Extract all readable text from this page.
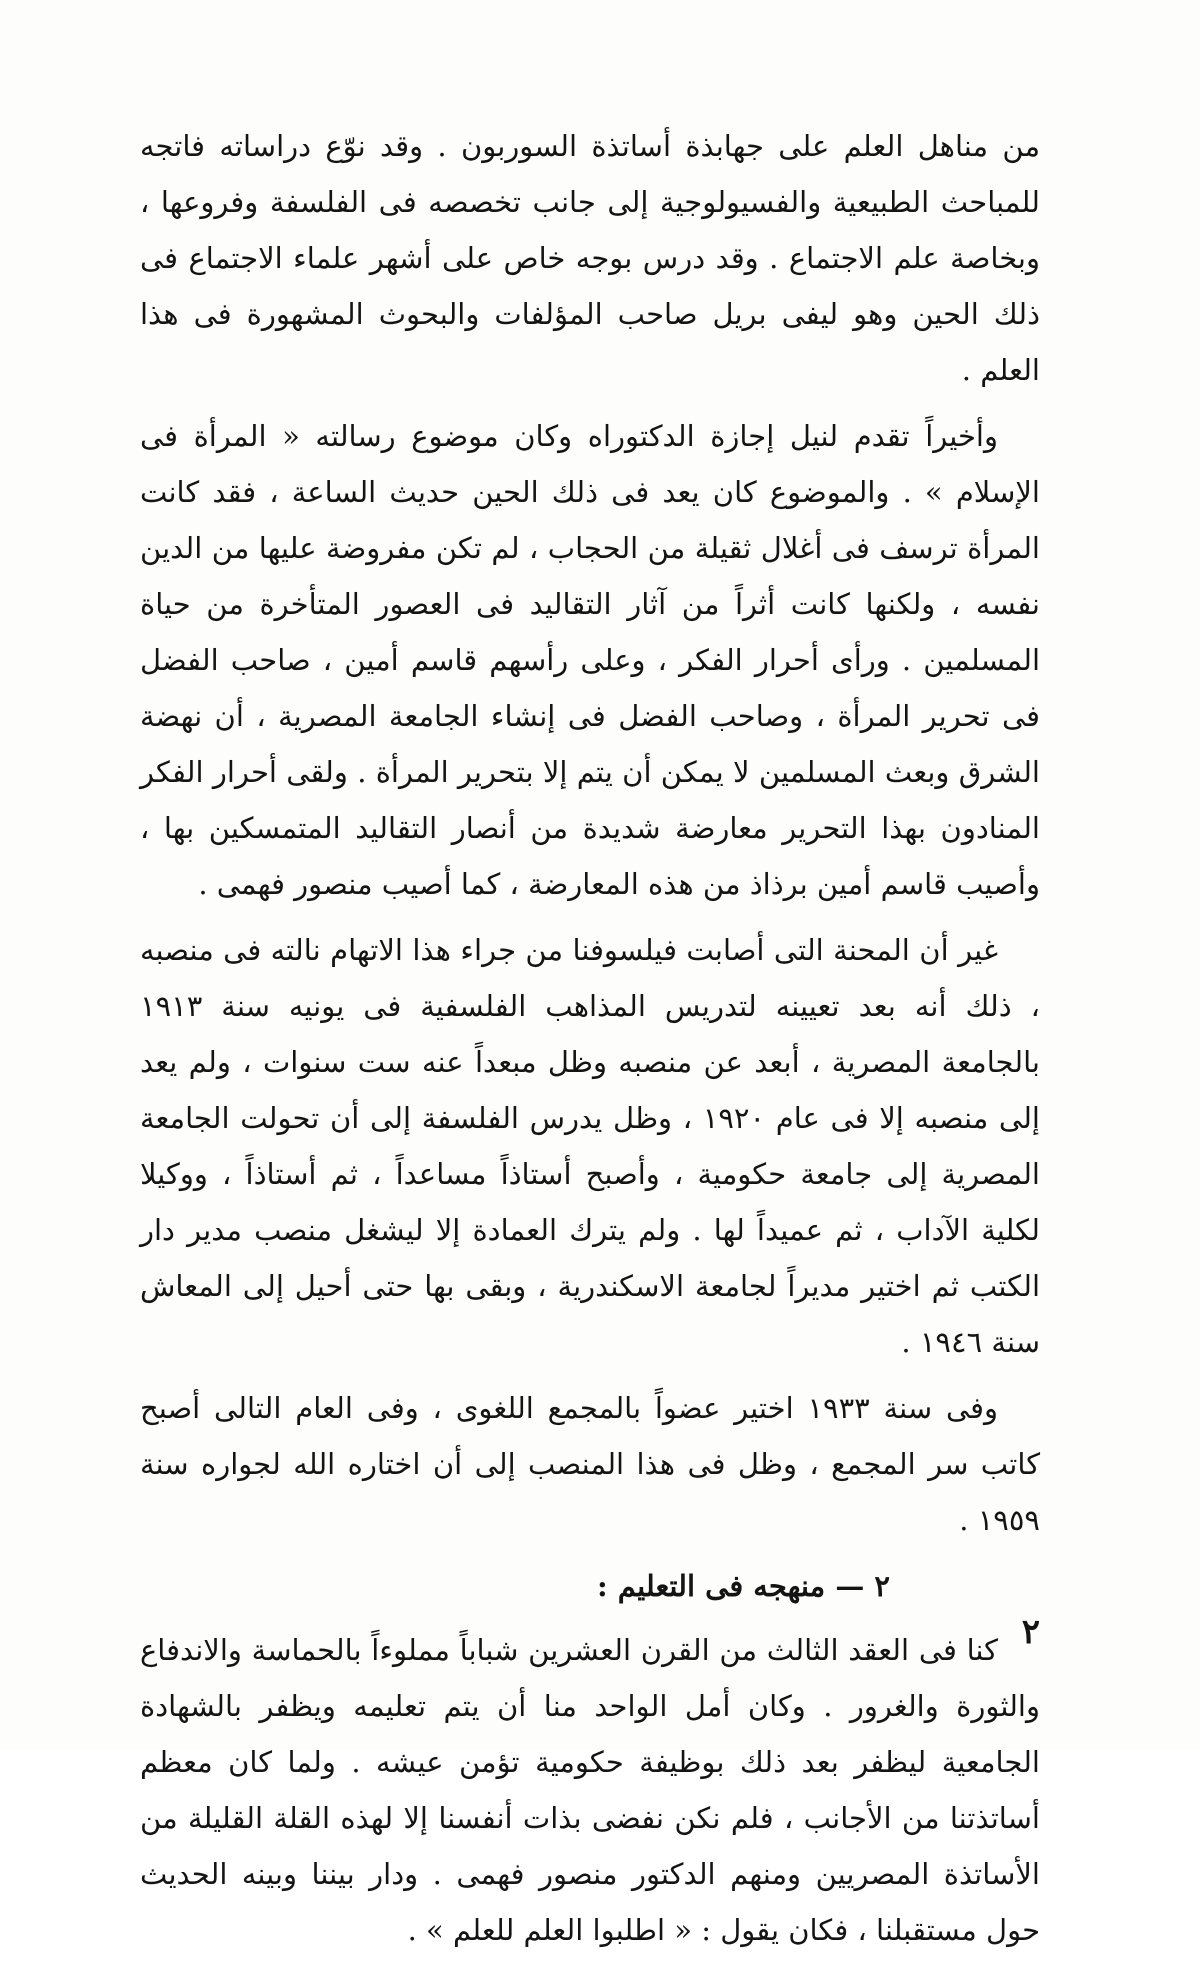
من مناهل العلم على جهابذة أساتذة السوربون . وقد نوّع دراساته فاتجه للمباحث الطبيعية والفسيولوجية إلى جانب تخصصه فى الفلسفة وفروعها ، وبخاصة علم الاجتماع . وقد درس بوجه خاص على أشهر علماء الاجتماع فى ذلك الحين وهو ليفى بريل صاحب المؤلفات والبحوث المشهورة فى هذا العلم .

وأخيراً تقدم لنيل إجازة الدكتوراه وكان موضوع رسالته « المرأة فى الإسلام » . والموضوع كان يعد فى ذلك الحين حديث الساعة ، فقد كانت المرأة ترسف فى أغلال ثقيلة من الحجاب ، لم تكن مفروضة عليها من الدين نفسه ، ولكنها كانت أثراً من آثار التقاليد فى العصور المتأخرة من حياة المسلمين . ورأى أحرار الفكر ، وعلى رأسهم قاسم أمين ، صاحب الفضل فى تحرير المرأة ، وصاحب الفضل فى إنشاء الجامعة المصرية ، أن نهضة الشرق وبعث المسلمين لا يمكن أن يتم إلا بتحرير المرأة . ولقى أحرار الفكر المنادون بهذا التحرير معارضة شديدة من أنصار التقاليد المتمسكين بها ، وأصيب قاسم أمين برذاذ من هذه المعارضة ، كما أصيب منصور فهمى .

غير أن المحنة التى أصابت فيلسوفنا من جراء هذا الاتهام نالته فى منصبه ، ذلك أنه بعد تعيينه لتدريس المذاهب الفلسفية فى يونيه سنة ١٩١٣ بالجامعة المصرية ، أبعد عن منصبه وظل مبعداً عنه ست سنوات ، ولم يعد إلى منصبه إلا فى عام ١٩٢٠ ، وظل يدرس الفلسفة إلى أن تحولت الجامعة المصرية إلى جامعة حكومية ، وأصبح أستاذاً مساعداً ، ثم أستاذاً ، ووكيلا لكلية الآداب ، ثم عميداً لها . ولم يترك العمادة إلا ليشغل منصب مدير دار الكتب ثم اختير مديراً لجامعة الاسكندرية ، وبقى بها حتى أحيل إلى المعاش سنة ١٩٤٦ .

وفى سنة ١٩٣٣ اختير عضواً بالمجمع اللغوى ، وفى العام التالى أصبح كاتب سر المجمع ، وظل فى هذا المنصب إلى أن اختاره الله لجواره سنة ١٩٥٩ .

٢ — منهجه فى التعليم :

كنا فى العقد الثالث من القرن العشرين شباباً مملوءاً بالحماسة والاندفاع والثورة والغرور . وكان أمل الواحد منا أن يتم تعليمه ويظفر بالشهادة الجامعية ليظفر بعد ذلك بوظيفة حكومية تؤمن عيشه . ولما كان معظم أساتذتنا من الأجانب ، فلم نكن نفضى بذات أنفسنا إلا لهذه القلة القليلة من الأساتذة المصريين ومنهم الدكتور منصور فهمى . ودار بيننا وبينه الحديث حول مستقبلنا ، فكان يقول : « اطلبوا العلم للعلم » .

٢
